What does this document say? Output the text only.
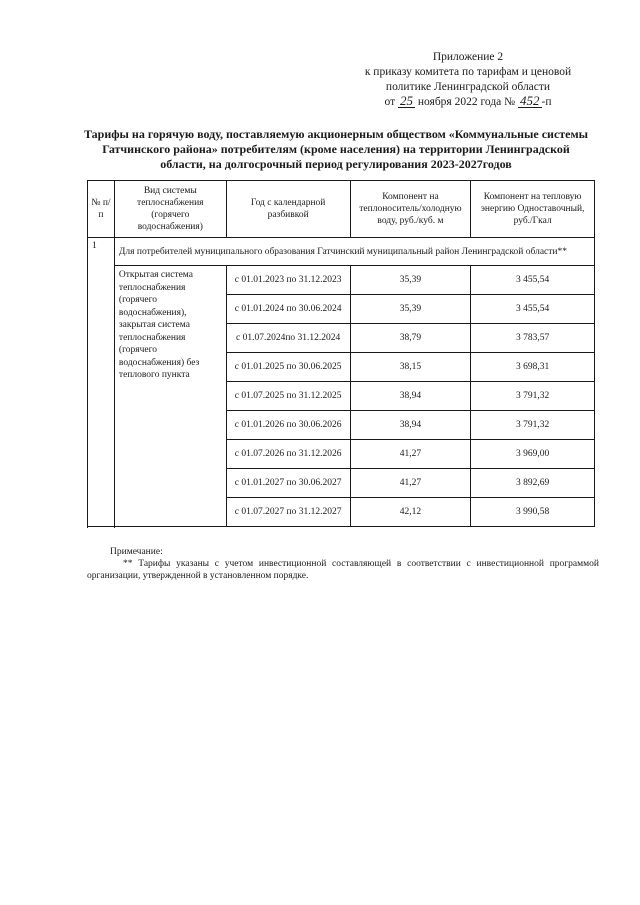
Приложение 2
к приказу комитета по тарифам и ценовой
политике Ленинградской области
от 25 ноября 2022 года № 452 -п
Тарифы на горячую воду, поставляемую акционерным обществом «Коммунальные системы Гатчинского района» потребителям (кроме населения) на территории Ленинградской области, на долгосрочный период регулирования 2023-2027годов
№ п/п	Вид системы теплоснабжения (горячего водоснабжения)	Год с календарной разбивкой	Компонент на теплоноситель/холодную воду, руб./куб. м	Компонент на тепловую энергию Одноставочный, руб./Гкал
1	Для потребителей муниципального образования Гатчинский муниципальный район Ленинградской области**			
	Открытая система теплоснабжения (горячего водоснабжения), закрытая система теплоснабжения (горячего водоснабжения) без теплового пункта	с 01.01.2023 по 31.12.2023	35,39	3 455,54
		с 01.01.2024 по 30.06.2024	35,39	3 455,54
		с 01.07.2024по 31.12.2024	38,79	3 783,57
		с 01.01.2025 по 30.06.2025	38,15	3 698,31
		с 01.07.2025 по 31.12.2025	38,94	3 791,32
		с 01.01.2026 по 30.06.2026	38,94	3 791,32
		с 01.07.2026 по 31.12.2026	41,27	3 969,00
		с 01.01.2027 по 30.06.2027	41,27	3 892,69
		с 01.07.2027 по 31.12.2027	42,12	3 990,58

Примечание:
** Тарифы указаны с учетом инвестиционной составляющей в соответствии с инвестиционной программой организации, утвержденной в установленном порядке.
